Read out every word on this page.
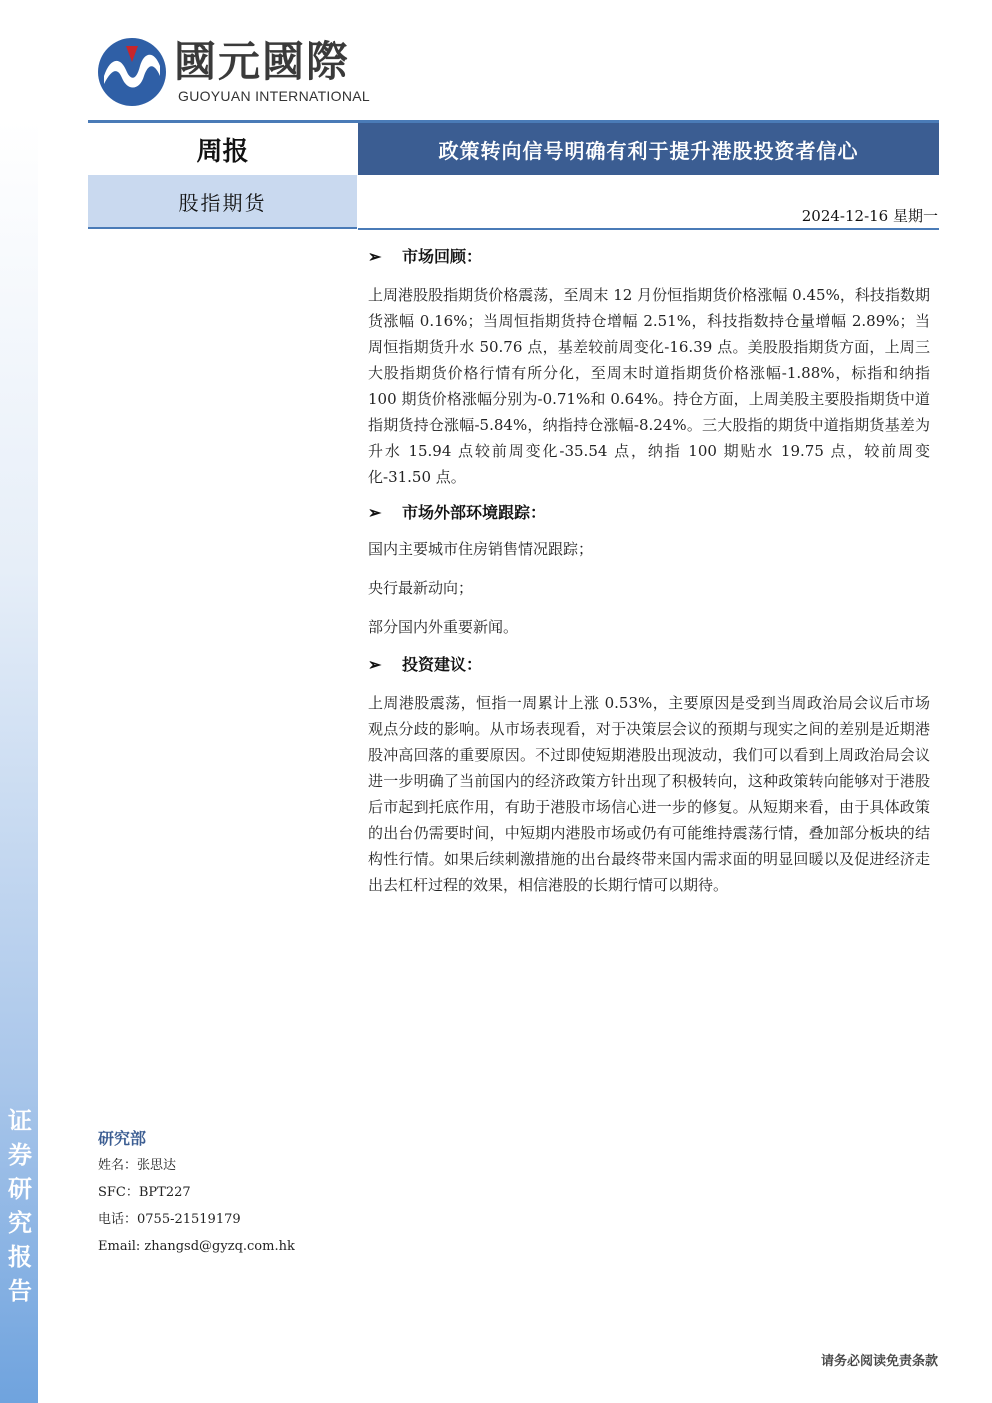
证
券
研
究
报
告
國元國際
GUOYUAN INTERNATIONAL
周报	政策转向信号明确有利于提升港股投资者信心
股指期货
2024-12-16 星期一
➢	市场回顾：
上周港股股指期货价格震荡，至周末 12 月份恒指期货价格涨幅 0.45%，科技指数期货涨幅 0.16%；当周恒指期货持仓增幅 2.51%，科技指数持仓量增幅 2.89%；当周恒指期货升水 50.76 点，基差较前周变化-16.39 点。美股股指期货方面，上周三大股指期货价格行情有所分化，至周末时道指期货价格涨幅-1.88%，标指和纳指 100 期货价格涨幅分别为-0.71%和 0.64%。持仓方面，上周美股主要股指期货中道指期货持仓涨幅-5.84%，纳指持仓涨幅-8.24%。三大股指的期货中道指期货基差为升水 15.94 点较前周变化-35.54 点，纳指 100 期贴水 19.75 点，较前周变化-31.50 点。
➢	市场外部环境跟踪：
国内主要城市住房销售情况跟踪；
央行最新动向；
部分国内外重要新闻。
➢	投资建议：
上周港股震荡，恒指一周累计上涨 0.53%，主要原因是受到当周政治局会议后市场观点分歧的影响。从市场表现看，对于决策层会议的预期与现实之间的差别是近期港股冲高回落的重要原因。不过即使短期港股出现波动，我们可以看到上周政治局会议进一步明确了当前国内的经济政策方针出现了积极转向，这种政策转向能够对于港股后市起到托底作用，有助于港股市场信心进一步的修复。从短期来看，由于具体政策的出台仍需要时间，中短期内港股市场或仍有可能维持震荡行情，叠加部分板块的结构性行情。如果后续刺激措施的出台最终带来国内需求面的明显回暖以及促进经济走出去杠杆过程的效果，相信港股的长期行情可以期待。
研究部
姓名：张思达
SFC：BPT227
电话：0755-21519179
Email: zhangsd@gyzq.com.hk
请务必阅读免责条款
